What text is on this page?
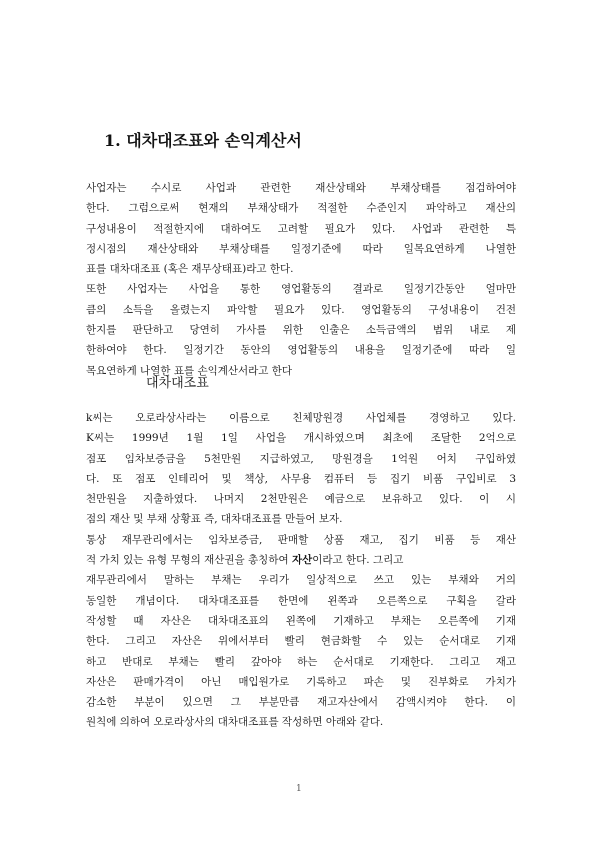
1. 대차대조표와 손익계산서
사업자는 수시로 사업과 관련한 재산상태와 부채상태를 점검하여야
한다. 그럼으로써 현재의 부채상태가 적절한 수준인지 파악하고 재산의
구성내용이 적절한지에 대하여도 고려할 필요가 있다. 사업과 관련한 특
정시점의 재산상태와 부채상태를 일정기준에 따라 일목요연하게 나열한
표를 대차대조표 (혹은 재무상태표)라고 한다.
또한 사업자는 사업을 통한 영업활동의 결과로 일정기간동안 얼마만
큼의 소득을 올렸는지 파악할 필요가 있다. 영업활동의 구성내용이 건전
한지를 판단하고 당연히 가사를 위한 인출은 소득금액의 범위 내로 제
한하여야 한다. 일정기간 동안의 영업활동의 내용을 일정기준에 따라 일
목요연하게 나열한 표를 손익계산서라고 한다
대차대조표
k씨는 오로라상사라는 이름으로 친체망원경 사업체를 경영하고 있다.
K씨는 1999년 1월 1일 사업을 개시하였으며 최초에 조달한 2억으로
점포 임차보증금을 5천만원 지급하였고, 망원경을 1억원 어치 구입하였
다. 또 점포 인테리어 및 책상, 사무용 컴퓨터 등 집기 비품 구입비로 3
천만원을 지출하였다. 나머지 2천만원은 예금으로 보유하고 있다. 이 시
점의 재산 및 부채 상황표 즉, 대차대조표를 만들어 보자.
통상 재무관리에서는 임차보증금, 판매할 상품 재고, 집기 비품 등 재산
적 가치 있는 유형 무형의 재산권을 총칭하여 자산이라고 한다. 그리고
재무관리에서 말하는 부채는 우리가 일상적으로 쓰고 있는 부채와 거의
동일한 개념이다. 대차대조표를 한면에 왼쪽과 오른쪽으로 구획을 갈라
작성할 때 자산은 대차대조표의 왼쪽에 기재하고 부채는 오른쪽에 기재
한다. 그리고 자산은 위에서부터 빨리 현금화할 수 있는 순서대로 기재
하고 반대로 부채는 빨리 갚아야 하는 순서대로 기재한다. 그리고 재고
자산은 판매가격이 아닌 매입원가로 기록하고 파손 및 진부화로 가치가
감소한 부분이 있으면 그 부분만큼 재고자산에서 감액시켜야 한다. 이
원칙에 의하여 오로라상사의 대차대조표를 작성하면 아래와 같다.
1
